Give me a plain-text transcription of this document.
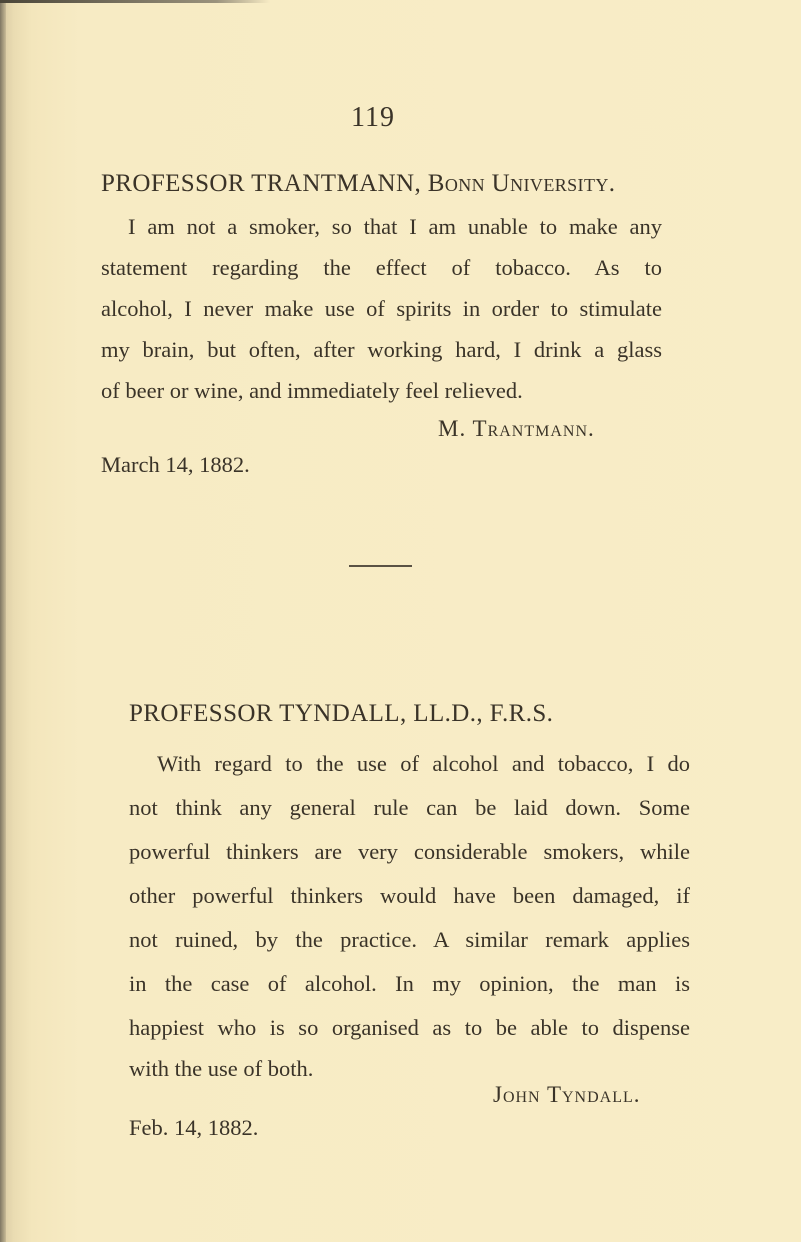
119
PROFESSOR TRANTMANN, Bonn University.
I am not a smoker, so that I am unable to make any
statement regarding the effect of tobacco. As to
alcohol, I never make use of spirits in order to stimulate
my brain, but often, after working hard, I drink a glass
of beer or wine, and immediately feel relieved.
M. Trantmann.
March 14, 1882.
PROFESSOR TYNDALL, LL.D., F.R.S.
With regard to the use of alcohol and tobacco, I do
not think any general rule can be laid down. Some
powerful thinkers are very considerable smokers, while
other powerful thinkers would have been damaged, if
not ruined, by the practice. A similar remark applies
in the case of alcohol. In my opinion, the man is
happiest who is so organised as to be able to dispense
with the use of both.
John Tyndall.
Feb. 14, 1882.
